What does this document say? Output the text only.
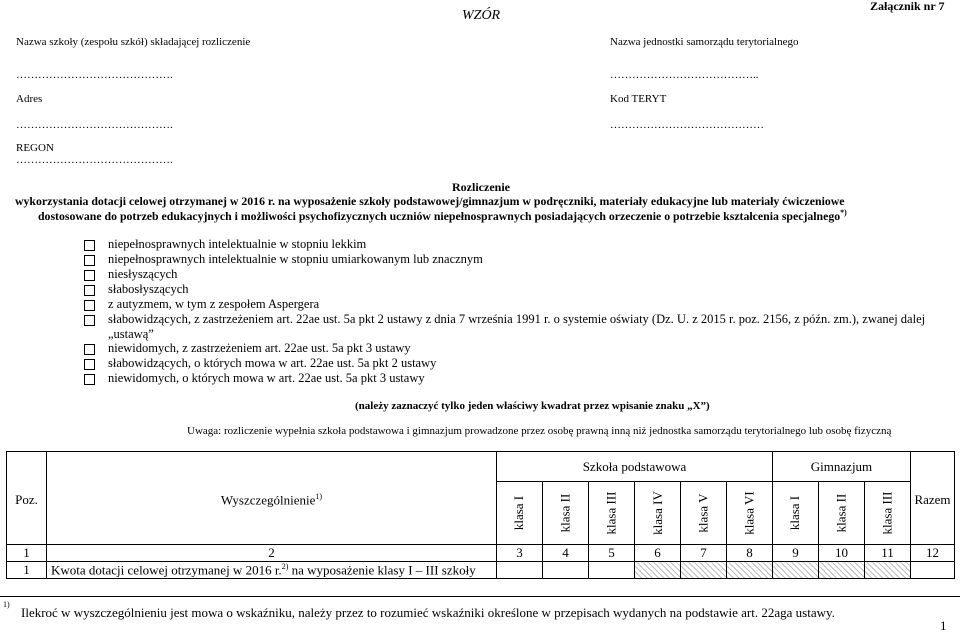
WZÓR
Załącznik nr 7
Nazwa szkoły (zespołu szkół) składającej rozliczenie	Nazwa jednostki samorządu terytorialnego
…………………………………….	…………………………………..
Adres	Kod TERYT
…………………………………….	……………………………………
REGON
…………………………………….
Rozliczenie
wykorzystania dotacji celowej otrzymanej w 2016 r. na wyposażenie szkoły podstawowej/gimnazjum w podręczniki, materiały edukacyjne lub materiały ćwiczeniowe
dostosowane do potrzeb edukacyjnych i możliwości psychofizycznych uczniów niepełnosprawnych posiadających orzeczenie o potrzebie kształcenia specjalnego*)
niepełnosprawnych intelektualnie w stopniu lekkim
niepełnosprawnych intelektualnie w stopniu umiarkowanym lub znacznym
niesłyszących
słabosłyszących
z autyzmem, w tym z zespołem Aspergera
słabowidzących, z zastrzeżeniem art. 22ae ust. 5a pkt 2 ustawy z dnia 7 września 1991 r. o systemie oświaty (Dz. U. z 2015 r. poz. 2156, z późn. zm.), zwanej dalej
„ustawą”
niewidomych, z zastrzeżeniem art. 22ae ust. 5a pkt 3 ustawy
słabowidzących, o których mowa w art. 22ae ust. 5a pkt 2 ustawy
niewidomych, o których mowa w art. 22ae ust. 5a pkt 3 ustawy
(należy zaznaczyć tylko jeden właściwy kwadrat przez wpisanie znaku „X”)
Uwaga: rozliczenie wypełnia szkoła podstawowa i gimnazjum prowadzone przez osobę prawną inną niż jednostka samorządu terytorialnego lub osobę fizyczną
		Szkoła podstawowa						Gimnazjum			
Poz.	Wyszczególnienie$^{1)}$	klasa I	klasa II	klasa III	klasa IV	klasa V	klasa VI	klasa I	klasa II	klasa III	Razem
1	2	3	4	5	6	7	8	9	10	11	12
1	Kwota dotacji celowej otrzymanej w 2016 r.$^{2)}$ na wyposażenie klasy I – III szkoły										
1)
Ilekroć w wyszczególnieniu jest mowa o wskaźniku, należy przez to rozumieć wskaźniki określone w przepisach wydanych na podstawie art. 22aga ustawy.
1
